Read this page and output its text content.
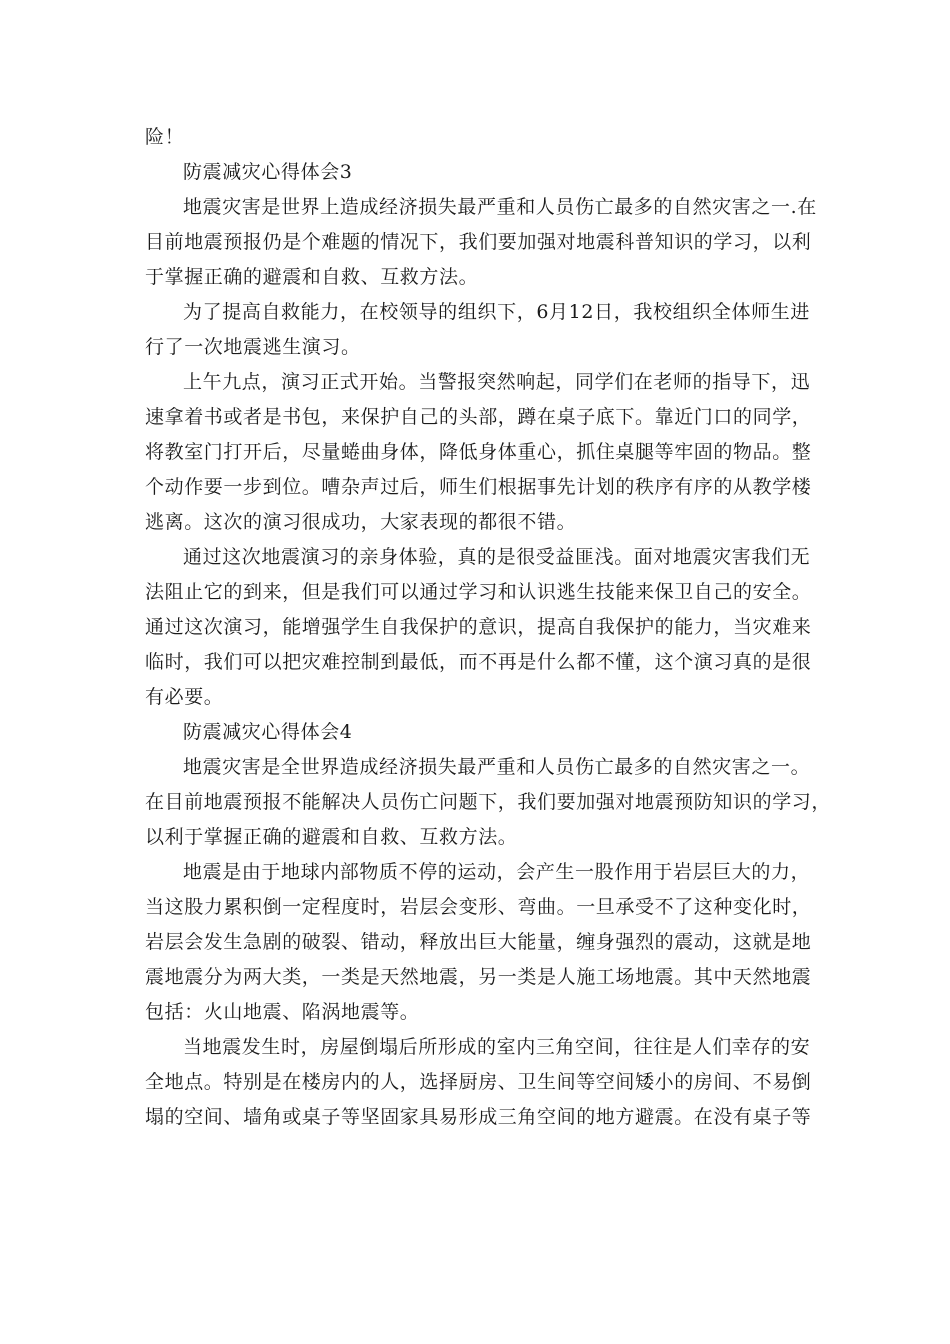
险！
防震减灾心得体会3
地震灾害是世界上造成经济损失最严重和人员伤亡最多的自然灾害之一.在
目前地震预报仍是个难题的情况下，我们要加强对地震科普知识的学习，以利
于掌握正确的避震和自救、互救方法。
为了提高自救能力，在校领导的组织下，6月12日，我校组织全体师生进
行了一次地震逃生演习。
上午九点，演习正式开始。当警报突然响起，同学们在老师的指导下，迅
速拿着书或者是书包，来保护自己的头部，蹲在桌子底下。靠近门口的同学，
将教室门打开后，尽量蜷曲身体，降低身体重心，抓住桌腿等牢固的物品。整
个动作要一步到位。嘈杂声过后，师生们根据事先计划的秩序有序的从教学楼
逃离。这次的演习很成功，大家表现的都很不错。
通过这次地震演习的亲身体验，真的是很受益匪浅。面对地震灾害我们无
法阻止它的到来，但是我们可以通过学习和认识逃生技能来保卫自己的安全。
通过这次演习，能增强学生自我保护的意识，提高自我保护的能力，当灾难来
临时，我们可以把灾难控制到最低，而不再是什么都不懂，这个演习真的是很
有必要。
防震减灾心得体会4
地震灾害是全世界造成经济损失最严重和人员伤亡最多的自然灾害之一。
在目前地震预报不能解决人员伤亡问题下，我们要加强对地震预防知识的学习，
以利于掌握正确的避震和自救、互救方法。
地震是由于地球内部物质不停的运动，会产生一股作用于岩层巨大的力，
当这股力累积倒一定程度时，岩层会变形、弯曲。一旦承受不了这种变化时，
岩层会发生急剧的破裂、错动，释放出巨大能量，缠身强烈的震动，这就是地
震地震分为两大类，一类是天然地震，另一类是人施工场地震。其中天然地震
包括：火山地震、陷涡地震等。
当地震发生时，房屋倒塌后所形成的室内三角空间，往往是人们幸存的安
全地点。特别是在楼房内的人，选择厨房、卫生间等空间矮小的房间、不易倒
塌的空间、墙角或桌子等坚固家具易形成三角空间的地方避震。在没有桌子等
